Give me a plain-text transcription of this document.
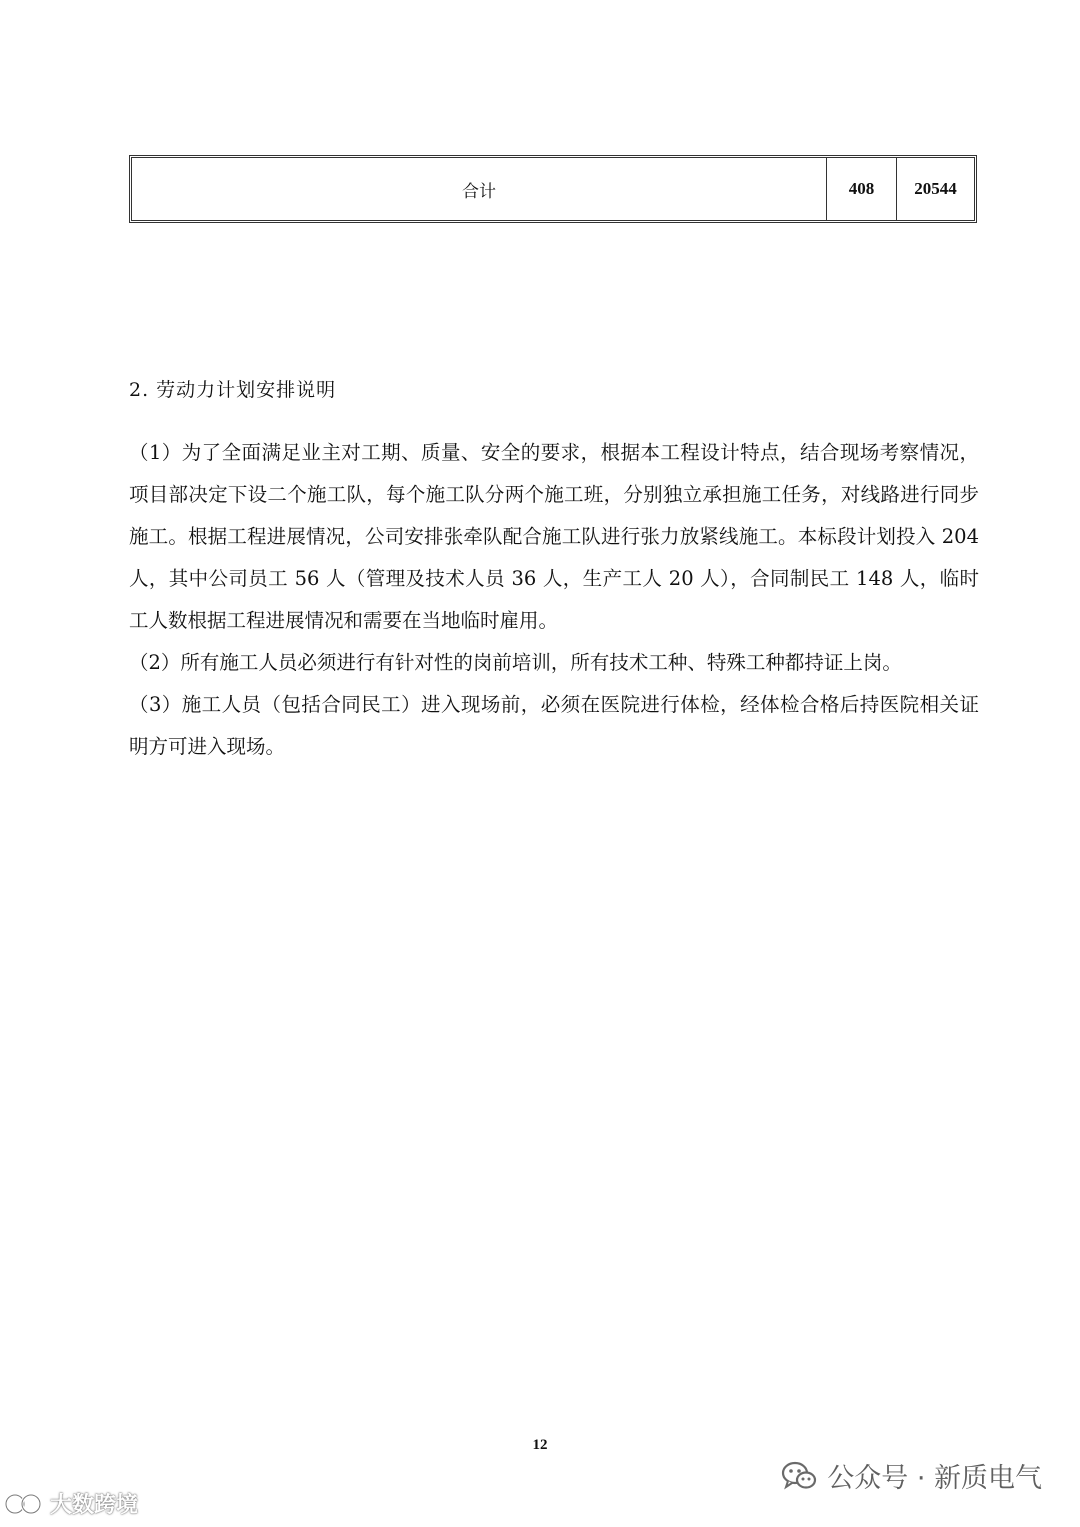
合计	408	20544
2. 劳动力计划安排说明

（1）为了全面满足业主对工期、质量、安全的要求，根据本工程设计特点，结合现场考察情况，项目部决定下设二个施工队，每个施工队分两个施工班，分别独立承担施工任务，对线路进行同步施工。根据工程进展情况，公司安排张牵队配合施工队进行张力放紧线施工。本标段计划投入 204 人，其中公司员工 56 人（管理及技术人员 36 人，生产工人 20 人），合同制民工 148 人，临时工人数根据工程进展情况和需要在当地临时雇用。

（2）所有施工人员必须进行有针对性的岗前培训，所有技术工种、特殊工种都持证上岗。

（3）施工人员（包括合同民工）进入现场前，必须在医院进行体检，经体检合格后持医院相关证明方可进入现场。

12
公众号 · 新质电气
大数跨境
